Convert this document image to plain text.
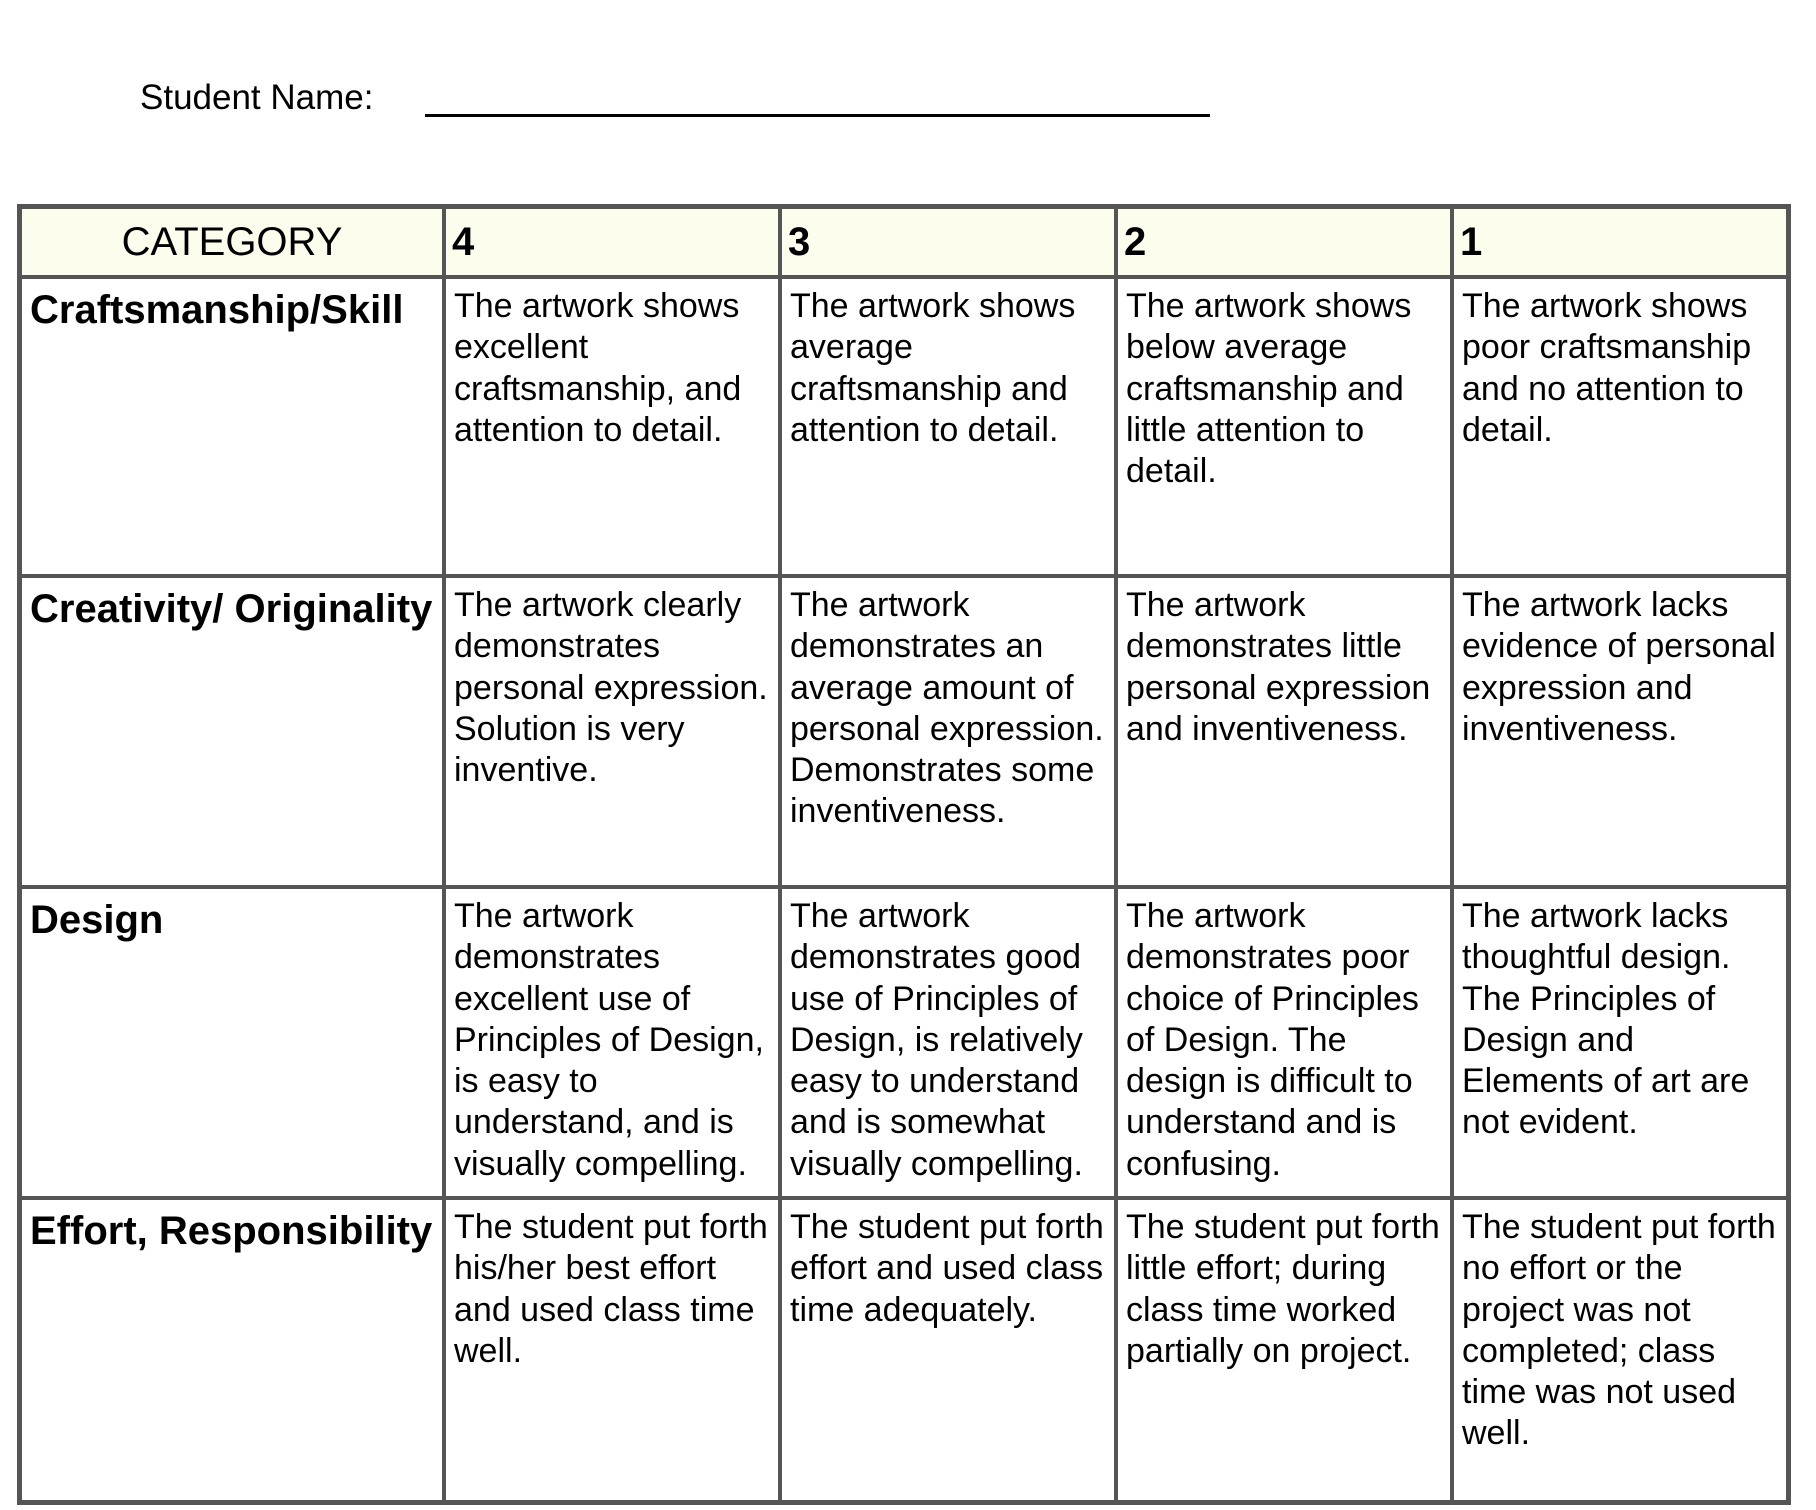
Student Name:
CATEGORY	4	3	2	1
Craftsmanship/Skill	The artwork shows excellent craftsmanship, and attention to detail.	The artwork shows average craftsmanship and attention to detail.	The artwork shows below average craftsmanship and little attention to detail.	The artwork shows poor craftsmanship and no attention to detail.
Creativity/ Originality	The artwork clearly demonstrates personal expression. Solution is very inventive.	The artwork demonstrates an average amount of personal expression. Demonstrates some inventiveness.	The artwork demonstrates little personal expression and inventiveness.	The artwork lacks evidence of personal expression and inventiveness.
Design	The artwork demonstrates excellent use of Principles of Design, is easy to understand, and is visually compelling.	The artwork demonstrates good use of Principles of Design, is relatively easy to understand and is somewhat visually compelling.	The artwork demonstrates poor choice of Principles of Design. The design is difficult to understand and is confusing.	The artwork lacks thoughtful design. The Principles of Design and Elements of art are not evident.
Effort, Responsibility	The student put forth his/her best effort and used class time well.	The student put forth effort and used class time adequately.	The student put forth little effort; during class time worked partially on project.	The student put forth no effort or the project was not completed; class time was not used well.
